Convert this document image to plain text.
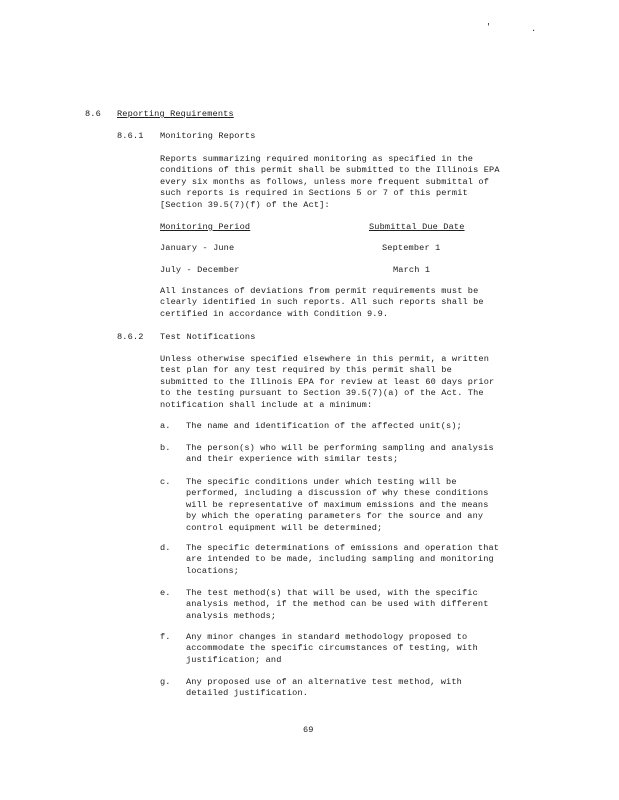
'	.
8.6 Reporting Requirements
8.6.1 Monitoring Reports
Reports summarizing required monitoring as specified in the
conditions of this permit shall be submitted to the Illinois EPA
every six months as follows, unless more frequent submittal of
such reports is required in Sections 5 or 7 of this permit
[Section 39.5(7)(f) of the Act]:
Monitoring Period	Submittal Due Date
January - June	September 1
July - December	March 1
All instances of deviations from permit requirements must be
clearly identified in such reports. All such reports shall be
certified in accordance with Condition 9.9.
8.6.2 Test Notifications
Unless otherwise specified elsewhere in this permit, a written
test plan for any test required by this permit shall be
submitted to the Illinois EPA for review at least 60 days prior
to the testing pursuant to Section 39.5(7)(a) of the Act. The
notification shall include at a minimum:
a. The name and identification of the affected unit(s);
b. The person(s) who will be performing sampling and analysis
and their experience with similar tests;
c. The specific conditions under which testing will be
performed, including a discussion of why these conditions
will be representative of maximum emissions and the means
by which the operating parameters for the source and any
control equipment will be determined;
d. The specific determinations of emissions and operation that
are intended to be made, including sampling and monitoring
locations;
e. The test method(s) that will be used, with the specific
analysis method, if the method can be used with different
analysis methods;
f. Any minor changes in standard methodology proposed to
accommodate the specific circumstances of testing, with
justification; and
g. Any proposed use of an alternative test method, with
detailed justification.
69
